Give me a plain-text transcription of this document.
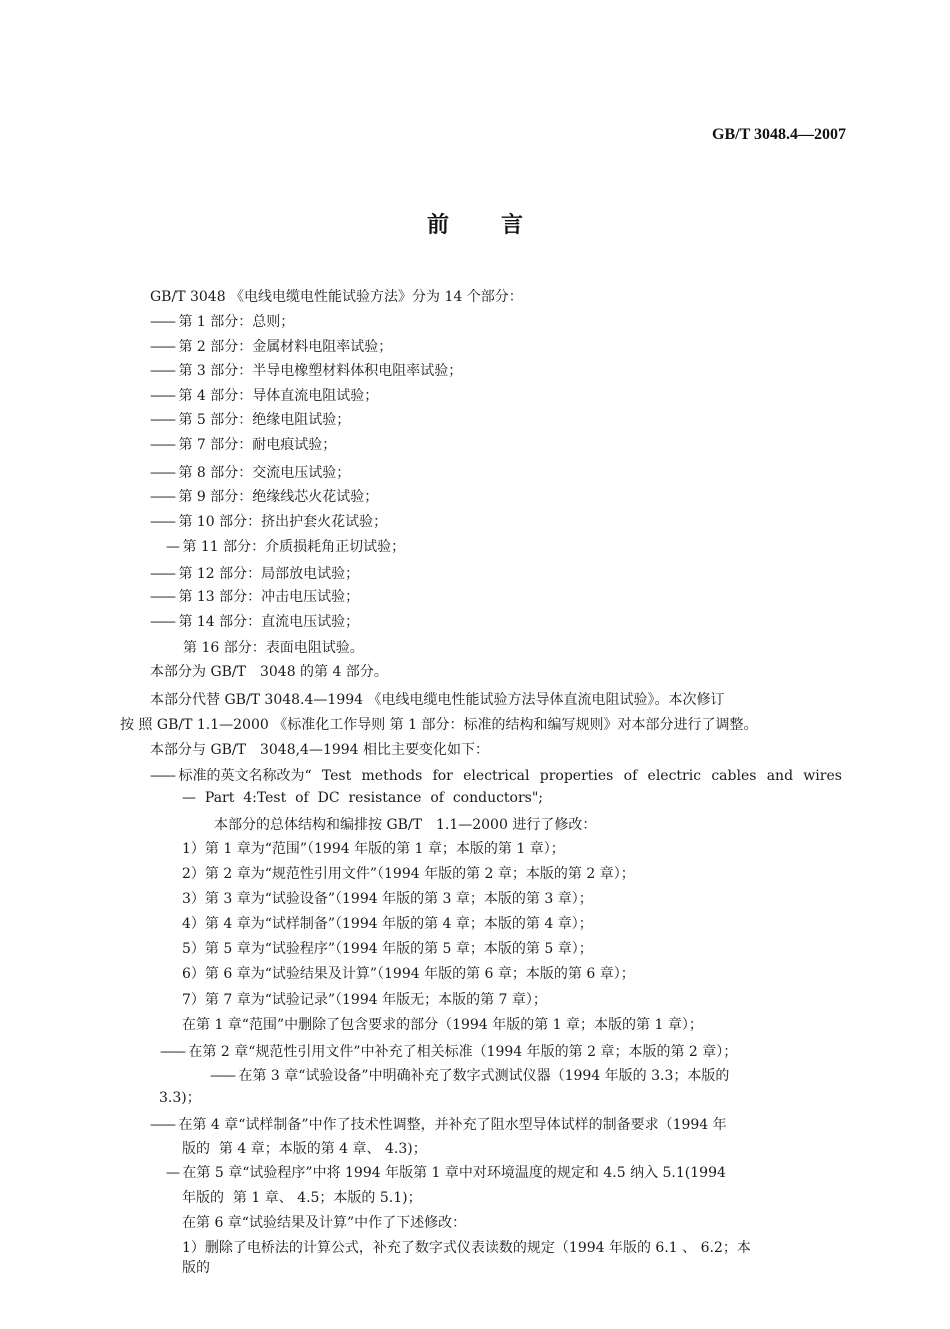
GB/T 3048.4—2007
前言
GB/T 3048 《电线电缆电性能试验方法》分为 14 个部分：
—— 第 1 部分：总则；
—— 第 2 部分：金属材料电阻率试验；
—— 第 3 部分：半导电橡塑材料体积电阻率试验；
—— 第 4 部分：导体直流电阻试验；
—— 第 5 部分：绝缘电阻试验；
—— 第 7 部分：耐电痕试验；
—— 第 8 部分：交流电压试验；
—— 第 9 部分：绝缘线芯火花试验；
—— 第 10 部分：挤出护套火花试验；
— 第 11 部分：介质损耗角正切试验；
—— 第 12 部分：局部放电试验；
—— 第 13 部分：冲击电压试验；
—— 第 14 部分：直流电压试验；
第 16 部分：表面电阻试验。
本部分为 GB/T　3048 的第 4 部分。
本部分代替 GB/T 3048.4—1994 《电线电缆电性能试验方法导体直流电阻试验》。本次修订
按 照 GB/T 1.1—2000 《标准化工作导则 第 1 部分：标准的结构和编写规则》对本部分进行了调整。
本部分与 GB/T　3048,4—1994 相比主要变化如下：
—— 标准的英文名称改为“ Test methods for electrical properties of electric cables and wires
—  Part  4:Test  of  DC  resistance  of  conductors";
本部分的总体结构和编排按 GB/T　1.1—2000 进行了修改：
1）第 1 章为“范围”（1994 年版的第 1 章；本版的第 1 章）；
2）第 2 章为“规范性引用文件”（1994 年版的第 2 章；本版的第 2 章）；
3）第 3 章为“试验设备”（1994 年版的第 3 章；本版的第 3 章）；
4）第 4 章为“试样制备”（1994 年版的第 4 章；本版的第 4 章）；
5）第 5 章为“试验程序”（1994 年版的第 5 章；本版的第 5 章）；
6）第 6 章为“试验结果及计算”（1994 年版的第 6 章；本版的第 6 章）；
7）第 7 章为“试验记录”（1994 年版无；本版的第 7 章）；
在第 1 章“范围”中删除了包含要求的部分（1994 年版的第 1 章；本版的第 1 章）；
—— 在第 2 章“规范性引用文件”中补充了相关标准（1994 年版的第 2 章；本版的第 2 章）；
—— 在第 3 章“试验设备”中明确补充了数字式测试仪器（1994 年版的 3.3；本版的
3.3)；
—— 在第 4 章“试样制备”中作了技术性调整，并补充了阻水型导体试样的制备要求（1994 年
版的  第 4 章；本版的第 4 章、 4.3)；
— 在第 5 章“试验程序”中将 1994 年版第 1 章中对环境温度的规定和 4.5 纳入 5.1(1994
年版的  第 1 章、 4.5；本版的 5.1)；
在第 6 章“试验结果及计算”中作了下述修改：
1）删除了电桥法的计算公式，补充了数字式仪表读数的规定（1994 年版的 6.1 、 6.2；本
版的
